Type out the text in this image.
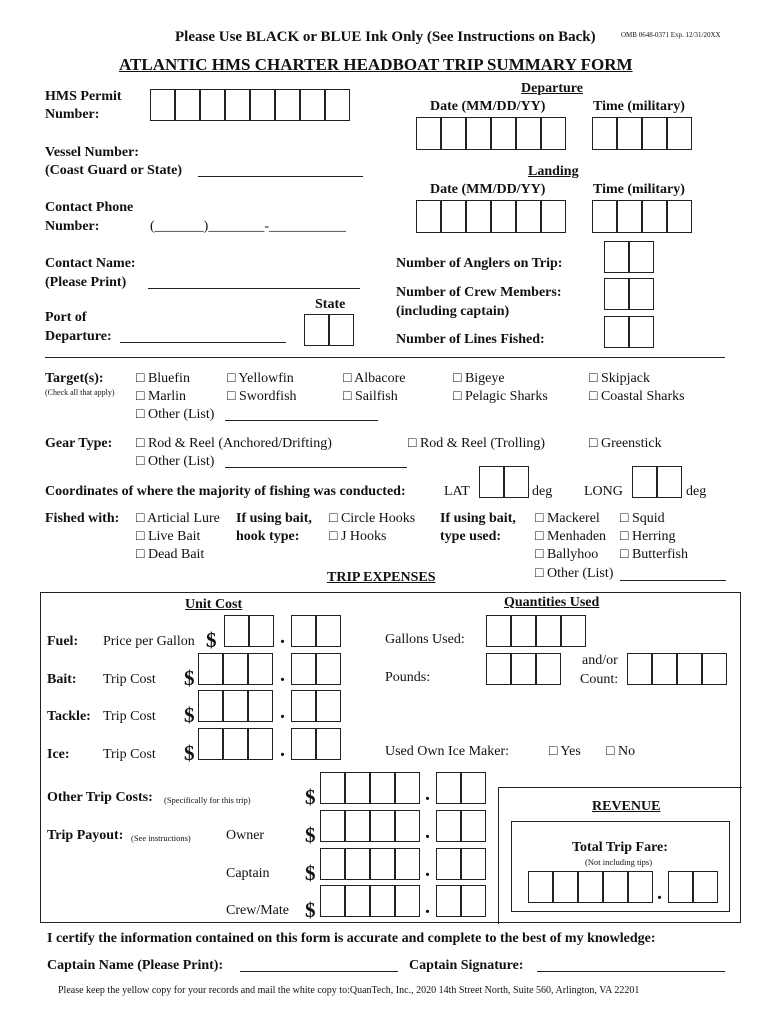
Please Use BLACK or BLUE Ink Only (See Instructions on Back)	OMB 0648-0371 Exp. 12/31/20XX
ATLANTIC HMS CHARTER HEADBOAT TRIP SUMMARY FORM
HMS Permit
Number:
Departure
Date (MM/DD/YY)	Time (military)
Vessel Number:
(Coast Guard or State)	Landing
Date (MM/DD/YY)	Time (military)
Contact Phone
Number:	(_______)________-___________
Contact Name:
(Please Print)
Number of Anglers on Trip:
Number of Crew Members:
(including captain)
Number of Lines Fished:
State
Port of
Departure:
Target(s):
(Check all that apply)
□ Bluefin	□ Yellowfin	□ Albacore	□ Bigeye	□ Skipjack
□ Marlin	□ Swordfish	□ Sailfish	□ Pelagic Sharks	□ Coastal Sharks
□ Other (List)
Gear Type: □ Rod & Reel (Anchored/Drifting)	□ Rod & Reel (Trolling)	□ Greenstick
□ Other (List)
Coordinates of where the majority of fishing was conducted:	LAT	deg LONG	deg
Fished with: □ Articial Lure
□ Live Bait
□ Dead Bait
If using bait,
hook type:
□ Circle Hooks
□ J Hooks
If using bait,
type used:
□ Mackerel □ Squid
□ Menhaden □ Herring
□ Ballyhoo □ Butterfish
□ Other (List)
TRIP EXPENSES
Unit Cost	Quantities Used
Fuel: Price per Gallon $	.	Gallons Used:
Bait: Trip Cost $	.	Pounds:
and/or
Count:
Tackle: Trip Cost $	.
Ice: Trip Cost $	.	Used Own Ice Maker:	□ Yes □ No
Other Trip Costs: (Specifically for this trip)	$	.
Trip Payout: (See instructions)	Owner $	.
Captain $	.
Crew/Mate $	.
REVENUE
Total Trip Fare:
(Not including tips)
.
I certify the information contained on this form is accurate and complete to the best of my knowledge:
Captain Name (Please Print):	Captain Signature:
Please keep the yellow copy for your records and mail the white copy to:QuanTech, Inc., 2020 14th Street North, Suite 560, Arlington, VA 22201
